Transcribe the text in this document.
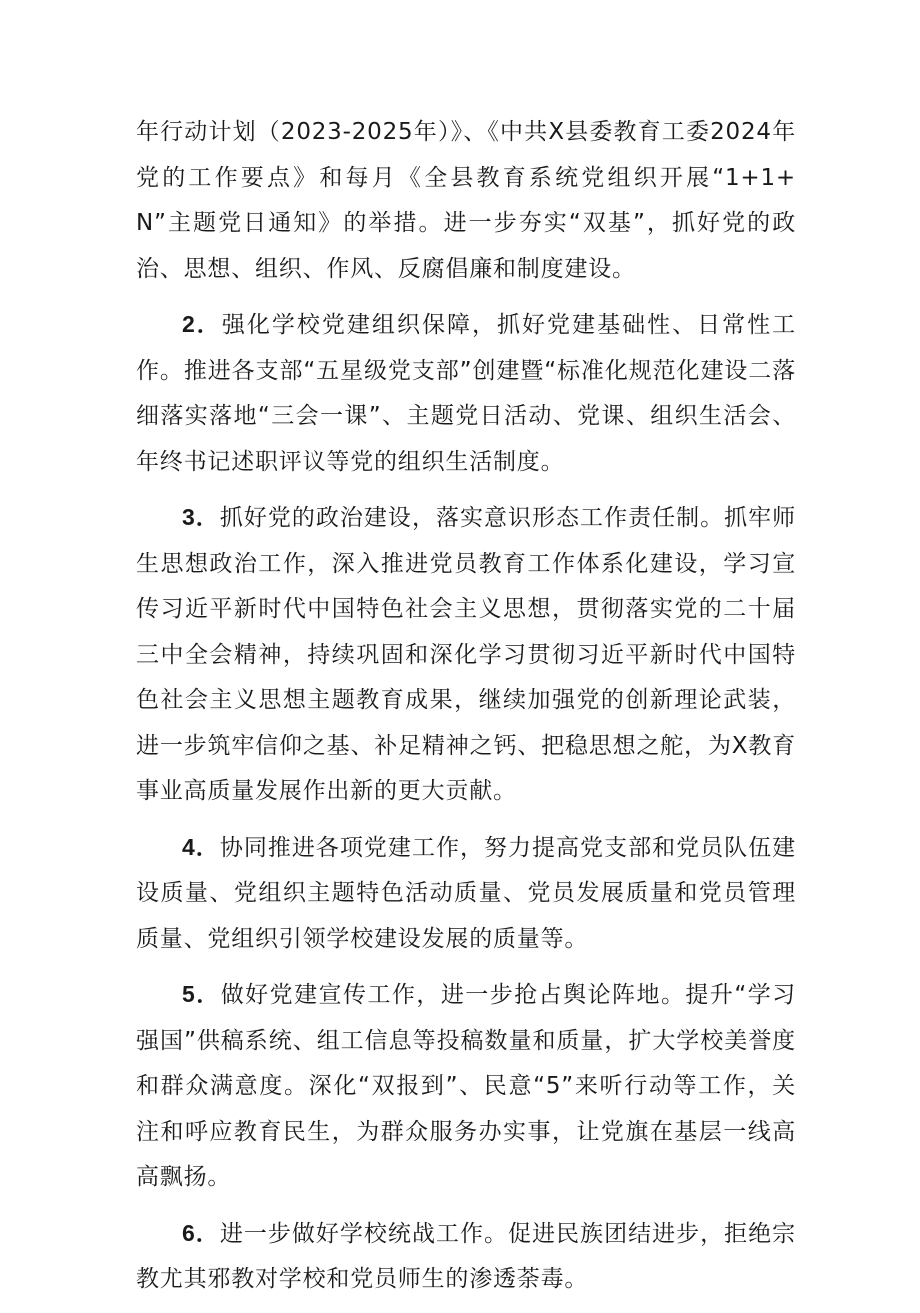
年行动计划（2023-2025年）》、《中共X县委教育工委2024年党的工作要点》和每月《全县教育系统党组织开展“1+1+N”主题党日通知》的举措。进一步夯实“双基”，抓好党的政治、思想、组织、作风、反腐倡廉和制度建设。

2．强化学校党建组织保障，抓好党建基础性、日常性工作。推进各支部“五星级党支部”创建暨“标准化规范化建设二落细落实落地“三会一课”、主题党日活动、党课、组织生活会、年终书记述职评议等党的组织生活制度。

3．抓好党的政治建设，落实意识形态工作责任制。抓牢师生思想政治工作，深入推进党员教育工作体系化建设，学习宣传习近平新时代中国特色社会主义思想，贯彻落实党的二十届三中全会精神，持续巩固和深化学习贯彻习近平新时代中国特色社会主义思想主题教育成果，继续加强党的创新理论武装，进一步筑牢信仰之基、补足精神之钙、把稳思想之舵，为X教育事业高质量发展作出新的更大贡献。

4．协同推进各项党建工作，努力提高党支部和党员队伍建设质量、党组织主题特色活动质量、党员发展质量和党员管理质量、党组织引领学校建设发展的质量等。

5．做好党建宣传工作，进一步抢占舆论阵地。提升“学习强国”供稿系统、组工信息等投稿数量和质量，扩大学校美誉度和群众满意度。深化“双报到”、民意“5”来听行动等工作，关注和呼应教育民生，为群众服务办实事，让党旗在基层一线高高飘扬。

6．进一步做好学校统战工作。促进民族团结进步，拒绝宗教尤其邪教对学校和党员师生的渗透荼毒。
